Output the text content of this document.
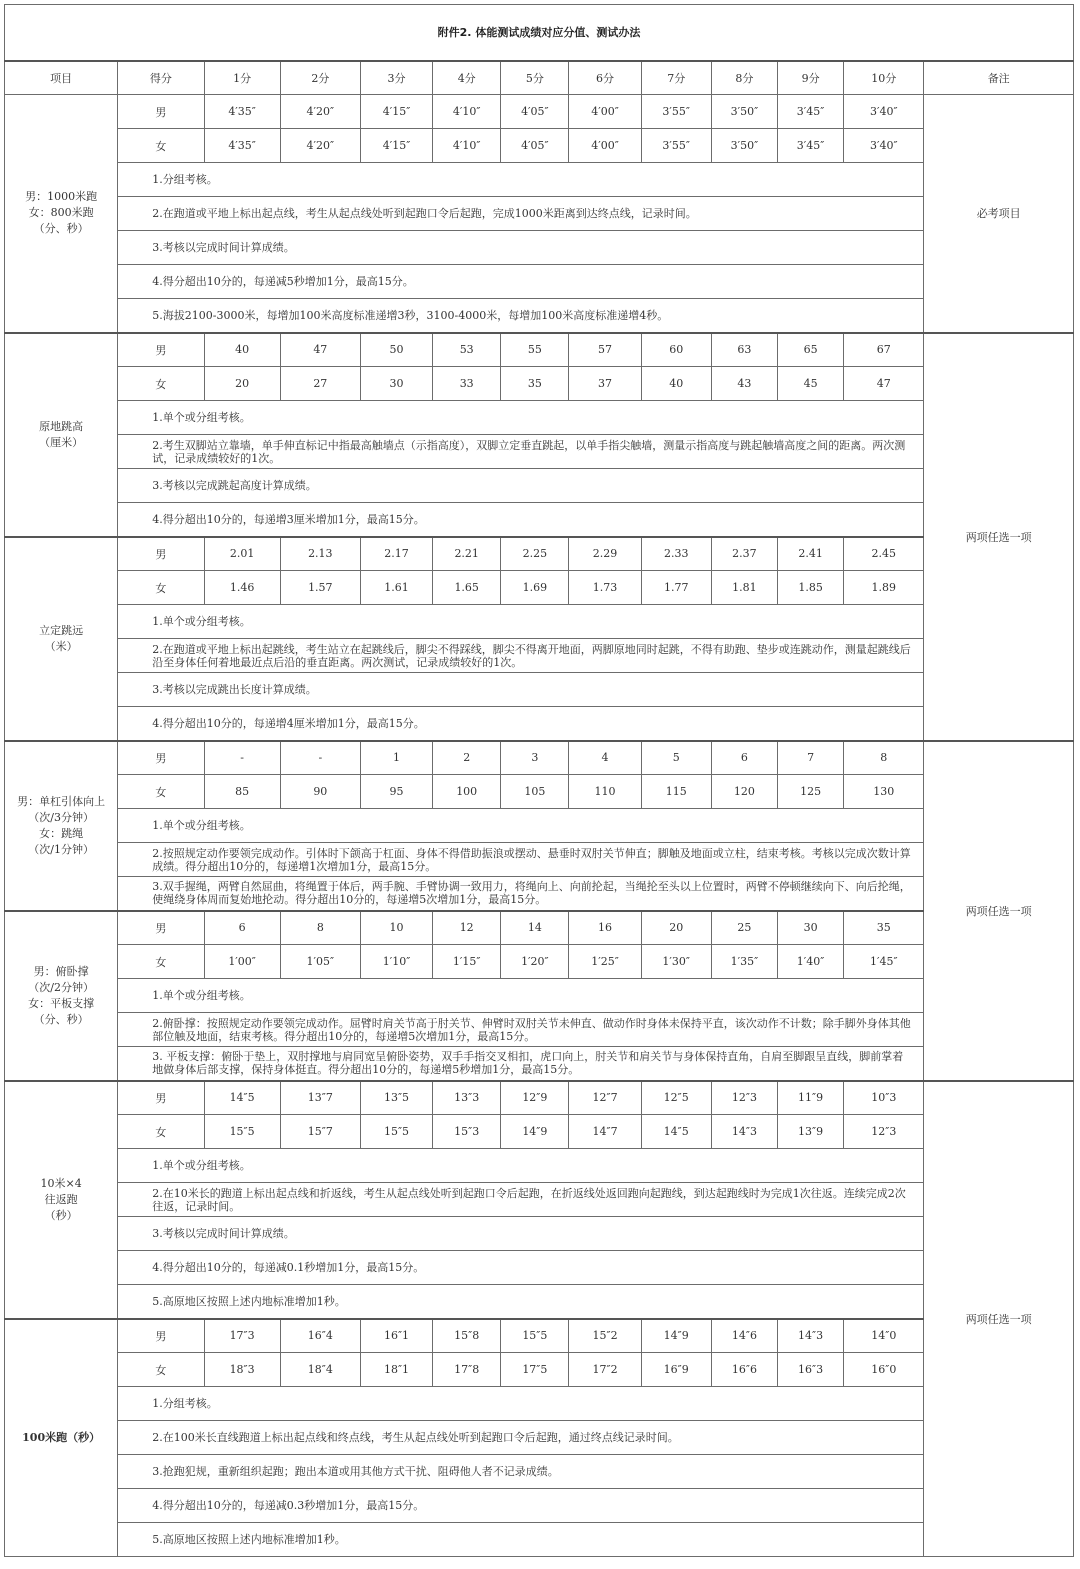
附件2. 体能测试成绩对应分值、测试办法												
项目	得分	1分	2分	3分	4分	5分	6分	7分	8分	9分	10分	备注

男：1000米跑
女：800米跑
（分、秒）	男	4′35″	4′20″	4′15″	4′10″	4′05″	4′00″	3′55″	3′50″	3′45″	3′40″	必考项目
	女	4′35″	4′20″	4′15″	4′10″	4′05″	4′00″	3′55″	3′50″	3′45″	3′40″	
	1.分组考核。											
	2.在跑道或平地上标出起点线，考生从起点线处听到起跑口令后起跑，完成1000米距离到达终点线，记录时间。											
	3.考核以完成时间计算成绩。											
	4.得分超出10分的，每递减5秒增加1分，最高15分。											
	5.海拔2100-3000米，每增加100米高度标准递增3秒，3100-4000米，每增加100米高度标准递增4秒。											

原地跳高
（厘米）	男	40	47	50	53	55	57	60	63	65	67	两项任选一项
	女	20	27	30	33	35	37	40	43	45	47	
	1.单个或分组考核。											
	2.考生双脚站立靠墙，单手伸直标记中指最高触墙点（示指高度），双脚立定垂直跳起，以单手指尖触墙，测量示指高度与跳起触墙高度之间的距离。两次测试，记录成绩较好的1次。											
	3.考核以完成跳起高度计算成绩。											
	4.得分超出10分的，每递增3厘米增加1分，最高15分。											

立定跳远
（米）	男	2.01	2.13	2.17	2.21	2.25	2.29	2.33	2.37	2.41	2.45	
	女	1.46	1.57	1.61	1.65	1.69	1.73	1.77	1.81	1.85	1.89	
	1.单个或分组考核。											
	2.在跑道或平地上标出起跳线，考生站立在起跳线后，脚尖不得踩线，脚尖不得离开地面，两脚原地同时起跳，不得有助跑、垫步或连跳动作，测量起跳线后沿至身体任何着地最近点后沿的垂直距离。两次测试，记录成绩较好的1次。											
	3.考核以完成跳出长度计算成绩。											
	4.得分超出10分的，每递增4厘米增加1分，最高15分。											

男：单杠引体向上
（次/3分钟）
女：跳绳
（次/1分钟）	男	-	-	1	2	3	4	5	6	7	8	两项任选一项
	女	85	90	95	100	105	110	115	120	125	130	
	1.单个或分组考核。											
	2.按照规定动作要领完成动作。引体时下颌高于杠面、身体不得借助振浪或摆动、悬垂时双肘关节伸直；脚触及地面或立柱，结束考核。考核以完成次数计算成绩。得分超出10分的，每递增1次增加1分，最高15分。											
	3.双手握绳，两臂自然屈曲，将绳置于体后，两手腕、手臂协调一致用力，将绳向上、向前抡起，当绳抡至头以上位置时，两臂不停顿继续向下、向后抡绳，使绳绕身体周而复始地抡动。得分超出10分的，每递增5次增加1分，最高15分。											

男：俯卧撑
（次/2分钟）
女：平板支撑
（分、秒）	男	6	8	10	12	14	16	20	25	30	35	
	女	1′00″	1′05″	1′10″	1′15″	1′20″	1′25″	1′30″	1′35″	1′40″	1′45″	
	1.单个或分组考核。											
	2.俯卧撑：按照规定动作要领完成动作。屈臂时肩关节高于肘关节、伸臂时双肘关节未伸直、做动作时身体未保持平直，该次动作不计数；除手脚外身体其他部位触及地面，结束考核。得分超出10分的，每递增5次增加1分，最高15分。											
	3. 平板支撑：俯卧于垫上，双肘撑地与肩同宽呈俯卧姿势，双手手指交叉相扣，虎口向上，肘关节和肩关节与身体保持直角，自肩至脚跟呈直线，脚前掌着地做身体后部支撑，保持身体挺直。得分超出10分的，每递增5秒增加1分，最高15分。											

10米×4
往返跑
（秒）	男	14″5	13″7	13″5	13″3	12″9	12″7	12″5	12″3	11″9	10″3	两项任选一项
	女	15″5	15″7	15″5	15″3	14″9	14″7	14″5	14″3	13″9	12″3	
	1.单个或分组考核。											
	2.在10米长的跑道上标出起点线和折返线，考生从起点线处听到起跑口令后起跑，在折返线处返回跑向起跑线，到达起跑线时为完成1次往返。连续完成2次往返，记录时间。											
	3.考核以完成时间计算成绩。											
	4.得分超出10分的，每递减0.1秒增加1分，最高15分。											
	5.高原地区按照上述内地标准增加1秒。											

100米跑（秒）	男	17″3	16″4	16″1	15″8	15″5	15″2	14″9	14″6	14″3	14″0	
	女	18″3	18″4	18″1	17″8	17″5	17″2	16″9	16″6	16″3	16″0	
	1.分组考核。											
	2.在100米长直线跑道上标出起点线和终点线，考生从起点线处听到起跑口令后起跑，通过终点线记录时间。											
	3.抢跑犯规，重新组织起跑；跑出本道或用其他方式干扰、阻碍他人者不记录成绩。											
	4.得分超出10分的，每递减0.3秒增加1分，最高15分。											
	5.高原地区按照上述内地标准增加1秒。											
